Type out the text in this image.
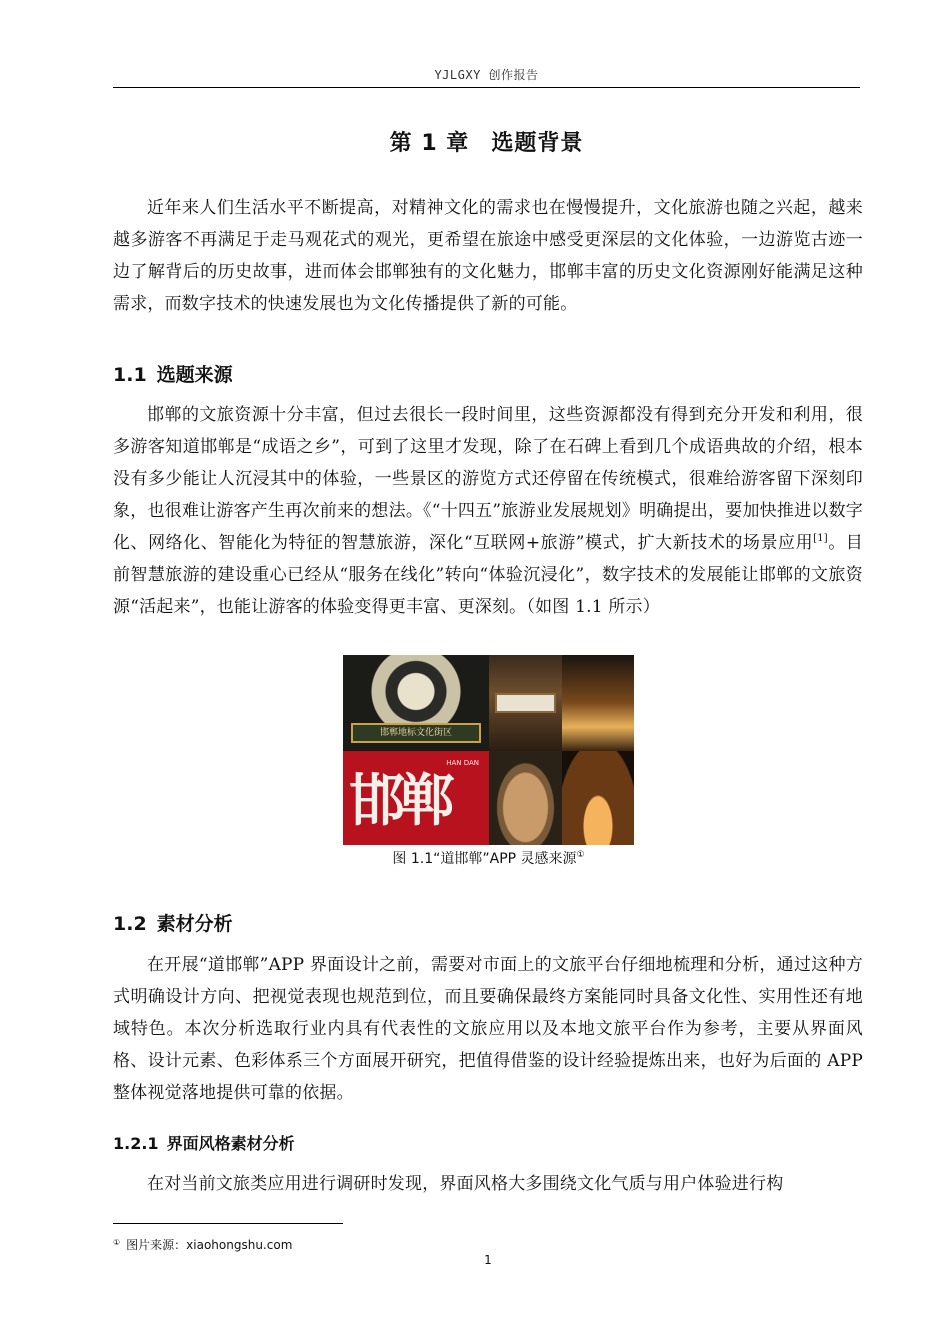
YJLGXY 创作报告
第 1 章 选题背景

近年来人们生活水平不断提高，对精神文化的需求也在慢慢提升，文化旅游也随之兴起，越来越多游客不再满足于走马观花式的观光，更希望在旅途中感受更深层的文化体验，一边游览古迹一边了解背后的历史故事，进而体会邯郸独有的文化魅力，邯郸丰富的历史文化资源刚好能满足这种需求，而数字技术的快速发展也为文化传播提供了新的可能。

1.1 选题来源

邯郸的文旅资源十分丰富，但过去很长一段时间里，这些资源都没有得到充分开发和利用，很多游客知道邯郸是“成语之乡”，可到了这里才发现，除了在石碑上看到几个成语典故的介绍，根本没有多少能让人沉浸其中的体验，一些景区的游览方式还停留在传统模式，很难给游客留下深刻印象，也很难让游客产生再次前来的想法。《“十四五”旅游业发展规划》明确提出，要加快推进以数字化、网络化、智能化为特征的智慧旅游，深化“互联网+旅游”模式，扩大新技术的场景应用[1]。目前智慧旅游的建设重心已经从“服务在线化”转向“体验沉浸化”，数字技术的发展能让邯郸的文旅资源“活起来”，也能让游客的体验变得更丰富、更深刻。（如图 1.1 所示）

邯郸地标文化街区
邯郸
HAN DAN
图 1.1“道邯郸”APP 灵感来源①
1.2 素材分析

在开展“道邯郸”APP 界面设计之前，需要对市面上的文旅平台仔细地梳理和分析，通过这种方式明确设计方向、把视觉表现也规范到位，而且要确保最终方案能同时具备文化性、实用性还有地域特色。本次分析选取行业内具有代表性的文旅应用以及本地文旅平台作为参考，主要从界面风格、设计元素、色彩体系三个方面展开研究，把值得借鉴的设计经验提炼出来，也好为后面的 APP 整体视觉落地提供可靠的依据。

1.2.1 界面风格素材分析

在对当前文旅类应用进行调研时发现，界面风格大多围绕文化气质与用户体验进行构

① 图片来源：xiaohongshu.com
1
